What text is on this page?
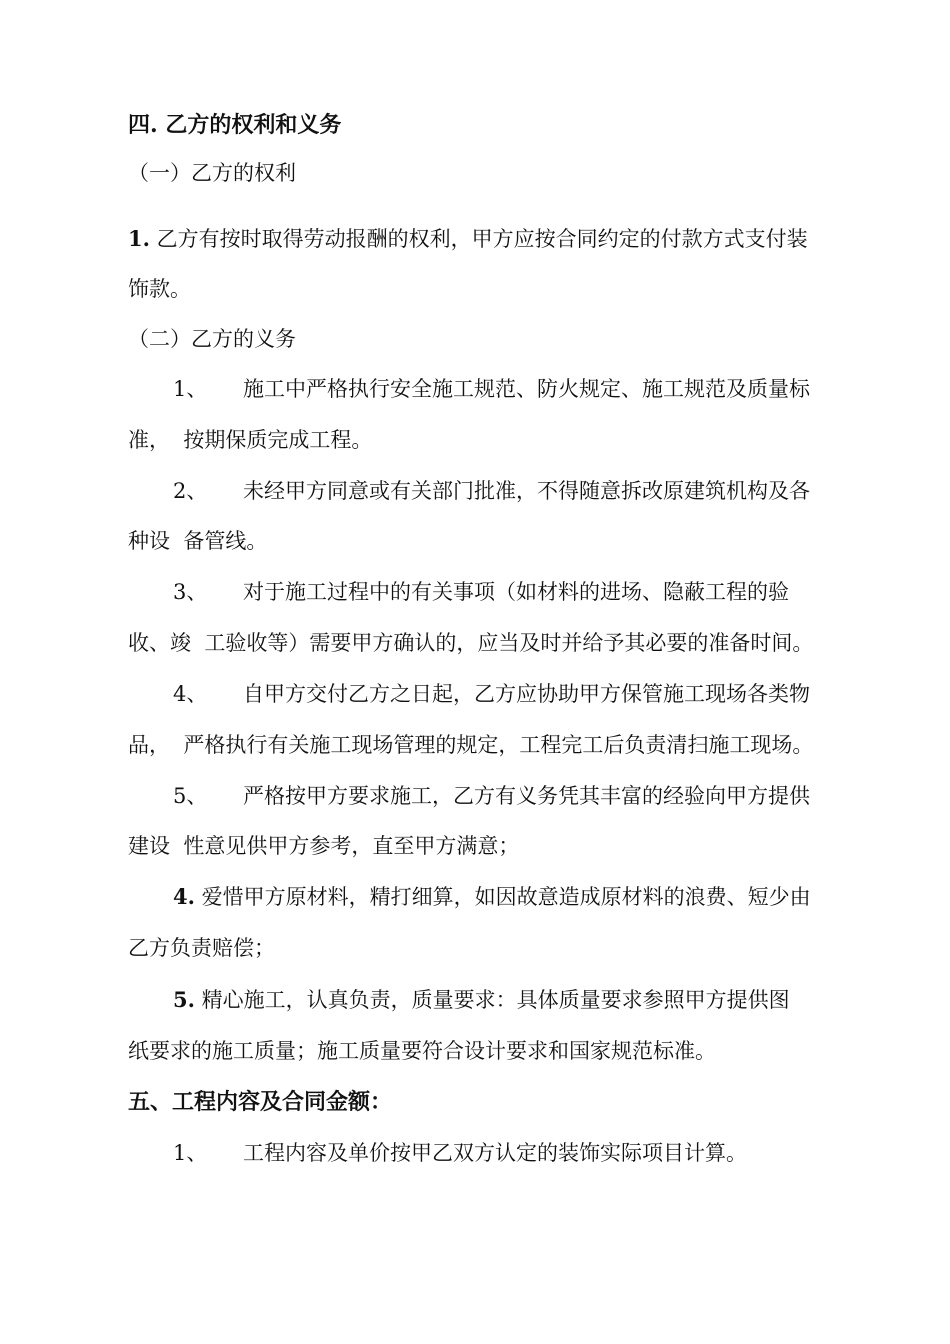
四. 乙方的权利和义务
（一）乙方的权利
1. 乙方有按时取得劳动报酬的权利，甲方应按合同约定的付款方式支付装
饰款。
（二）乙方的义务
1、 施工中严格执行安全施工规范、防火规定、施工规范及质量标
准，  按期保质完成工程。
2、 未经甲方同意或有关部门批准，不得随意拆改原建筑机构及各
种设  备管线。
3、 对于施工过程中的有关事项（如材料的进场、隐蔽工程的验
收、竣  工验收等）需要甲方确认的，应当及时并给予其必要的准备时间。
4、 自甲方交付乙方之日起，乙方应协助甲方保管施工现场各类物
品，  严格执行有关施工现场管理的规定，工程完工后负责清扫施工现场。
5、 严格按甲方要求施工，乙方有义务凭其丰富的经验向甲方提供
建设  性意见供甲方参考，直至甲方满意；
4. 爱惜甲方原材料，精打细算，如因故意造成原材料的浪费、短少由
乙方负责赔偿；
5. 精心施工，认真负责，质量要求：具体质量要求参照甲方提供图
纸要求的施工质量；施工质量要符合设计要求和国家规范标准。
五、工程内容及合同金额：
1、 工程内容及单价按甲乙双方认定的装饰实际项目计算。
